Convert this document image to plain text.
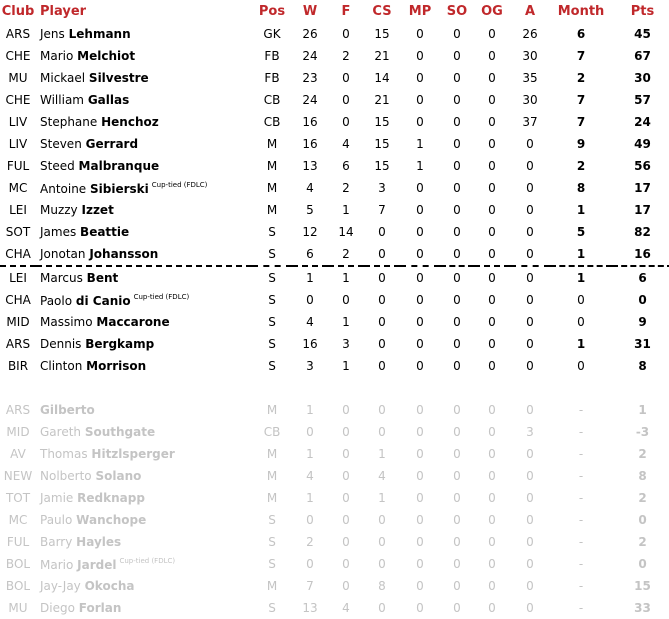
Club	Player	Pos	W	F	CS	MP	SO	OG	A	Month	Pts
ARS	Jens Lehmann	GK	26	0	15	0	0	0	26	6	45
CHE	Mario Melchiot	FB	24	2	21	0	0	0	30	7	67
MU	Mickael Silvestre	FB	23	0	14	0	0	0	35	2	30
CHE	William Gallas	CB	24	0	21	0	0	0	30	7	57
LIV	Stephane Henchoz	CB	16	0	15	0	0	0	37	7	24
LIV	Steven Gerrard	M	16	4	15	1	0	0	0	9	49
FUL	Steed Malbranque	M	13	6	15	1	0	0	0	2	56
MC	Antoine Sibierski $^{Cup-tied (FDLC)}$	M	4	2	3	0	0	0	0	8	17
LEI	Muzzy Izzet	M	5	1	7	0	0	0	0	1	17
SOT	James Beattie	S	12	14	0	0	0	0	0	5	82
CHA	Jonotan Johansson	S	6	2	0	0	0	0	0	1	16
LEI	Marcus Bent	S	1	1	0	0	0	0	0	1	6
CHA	Paolo di Canio $^{Cup-tied (FDLC)}$	S	0	0	0	0	0	0	0	0	0
MID	Massimo Maccarone	S	4	1	0	0	0	0	0	0	9
ARS	Dennis Bergkamp	S	16	3	0	0	0	0	0	1	31
BIR	Clinton Morrison	S	3	1	0	0	0	0	0	0	8

ARS	Gilberto	M	1	0	0	0	0	0	0	-	1
MID	Gareth Southgate	CB	0	0	0	0	0	0	3	-	-3
AV	Thomas Hitzlsperger	M	1	0	1	0	0	0	0	-	2
NEW	Nolberto Solano	M	4	0	4	0	0	0	0	-	8
TOT	Jamie Redknapp	M	1	0	1	0	0	0	0	-	2
MC	Paulo Wanchope	S	0	0	0	0	0	0	0	-	0
FUL	Barry Hayles	S	2	0	0	0	0	0	0	-	2
BOL	Mario Jardel $^{Cup-tied (FDLC)}$	S	0	0	0	0	0	0	0	-	0
BOL	Jay-Jay Okocha	M	7	0	8	0	0	0	0	-	15
MU	Diego Forlan	S	13	4	0	0	0	0	0	-	33
